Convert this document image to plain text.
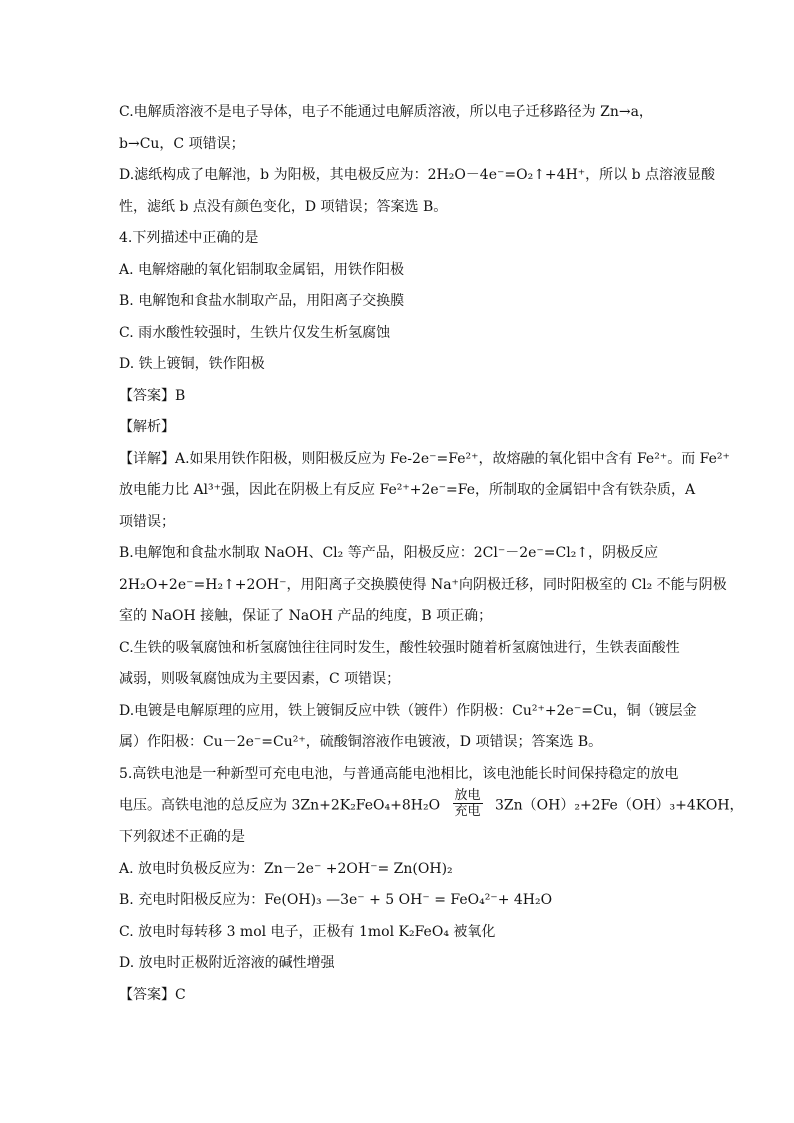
C.电解质溶液不是电子导体，电子不能通过电解质溶液，所以电子迁移路径为 Zn→a，
b→Cu，C 项错误；
D.滤纸构成了电解池，b 为阳极，其电极反应为：2H₂O－4e⁻=O₂↑+4H⁺，所以 b 点溶液显酸
性，滤纸 b 点没有颜色变化，D 项错误；答案选 B。
4.下列描述中正确的是
A. 电解熔融的氧化铝制取金属铝，用铁作阳极
B. 电解饱和食盐水制取产品，用阳离子交换膜
C. 雨水酸性较强时，生铁片仅发生析氢腐蚀
D. 铁上镀铜，铁作阳极
【答案】B
【解析】
【详解】A.如果用铁作阳极，则阳极反应为 Fe-2e⁻=Fe²⁺，故熔融的氧化铝中含有 Fe²⁺。而 Fe²⁺
放电能力比 Al³⁺强，因此在阴极上有反应 Fe²⁺+2e⁻=Fe，所制取的金属铝中含有铁杂质，A
项错误；
B.电解饱和食盐水制取 NaOH、Cl₂ 等产品，阳极反应：2Cl⁻－2e⁻=Cl₂↑，阴极反应
2H₂O+2e⁻=H₂↑+2OH⁻，用阳离子交换膜使得 Na⁺向阴极迁移，同时阳极室的 Cl₂ 不能与阴极
室的 NaOH 接触，保证了 NaOH 产品的纯度，B 项正确；
C.生铁的吸氧腐蚀和析氢腐蚀往往同时发生，酸性较强时随着析氢腐蚀进行，生铁表面酸性
减弱，则吸氧腐蚀成为主要因素，C 项错误；
D.电镀是电解原理的应用，铁上镀铜反应中铁（镀件）作阴极：Cu²⁺+2e⁻=Cu，铜（镀层金
属）作阳极：Cu－2e⁻=Cu²⁺，硫酸铜溶液作电镀液，D 项错误；答案选 B。
5.高铁电池是一种新型可充电电池，与普通高能电池相比，该电池能长时间保持稳定的放电
电压。高铁电池的总反应为 $3Zn+2K_2FeO_4+8H_2O \frac{\text{放电}}{\text{充电}} 3Zn(OH)_2+2Fe(OH)_3+4KOH$，
下列叙述不正确的是
A. 放电时负极反应为：Zn－2e⁻ +2OH⁻= Zn(OH)₂
B. 充电时阳极反应为：Fe(OH)₃ —3e⁻ + 5 OH⁻ = FeO₄²⁻+ 4H₂O
C. 放电时每转移 3 mol 电子，正极有 1mol K₂FeO₄ 被氧化
D. 放电时正极附近溶液的碱性增强
【答案】C
